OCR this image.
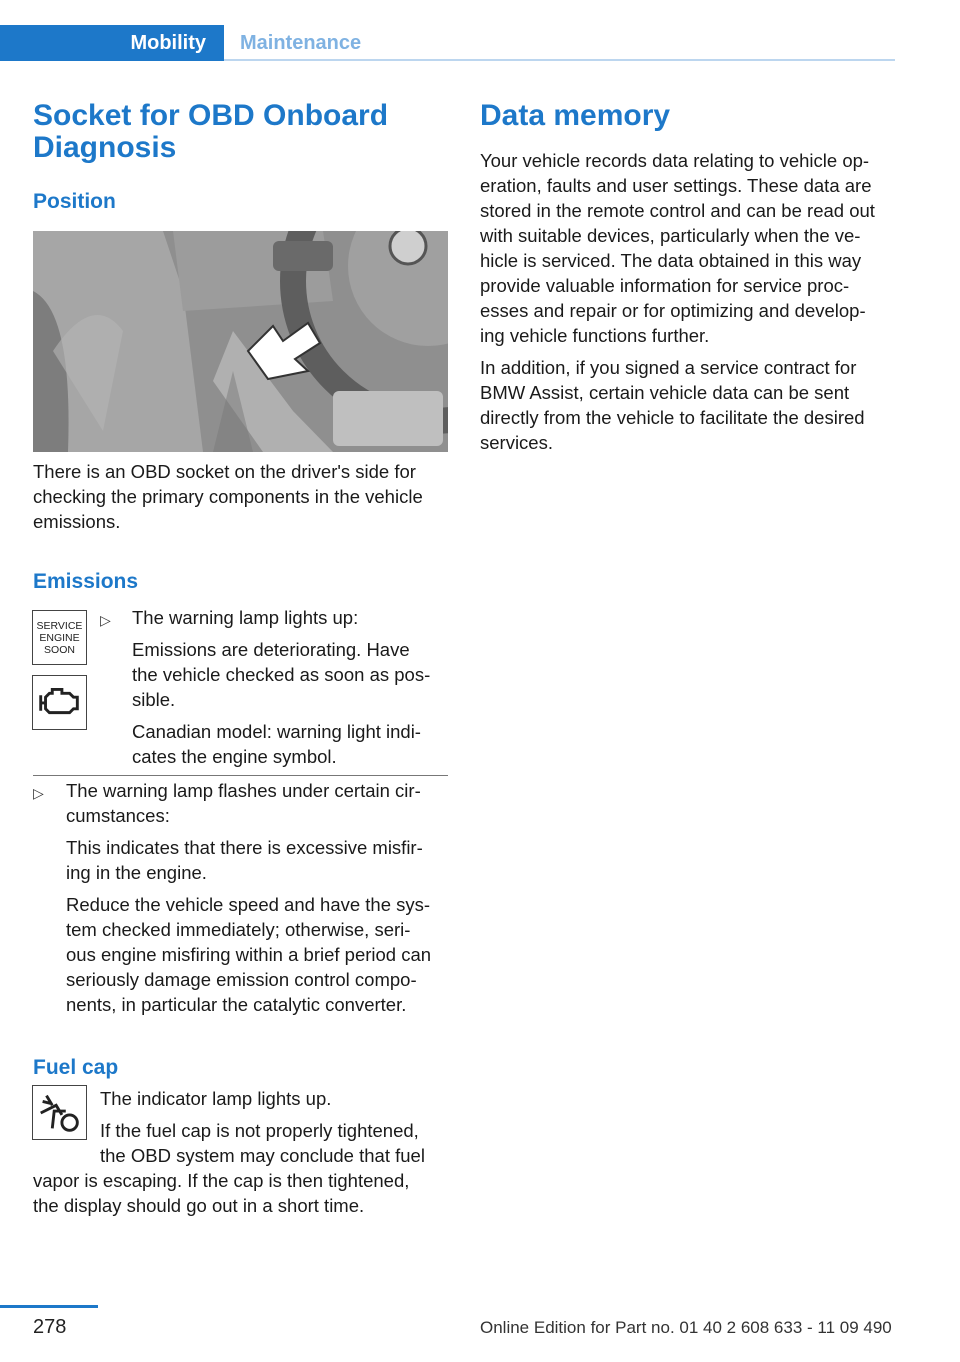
Mobility	Maintenance
Socket for OBD Onboard
Diagnosis
Position

There is an OBD socket on the driver's side for

checking the primary components in the vehicle

emissions.

Emissions
SERVICE
ENGINE
SOON
▷ The warning lamp lights up:

Emissions are deteriorating. Have

the vehicle checked as soon as pos-

sible.

Canadian model: warning light indi-

cates the engine symbol.

▷ The warning lamp flashes under certain cir-

cumstances:

This indicates that there is excessive misfir-

ing in the engine.

Reduce the vehicle speed and have the sys-

tem checked immediately; otherwise, seri-

ous engine misfiring within a brief period can

seriously damage emission control compo-

nents, in particular the catalytic converter.

Fuel cap

The indicator lamp lights up.

If the fuel cap is not properly tightened,

the OBD system may conclude that fuel

vapor is escaping. If the cap is then tightened,

the display should go out in a short time.

Data memory

Your vehicle records data relating to vehicle op-

eration, faults and user settings. These data are

stored in the remote control and can be read out

with suitable devices, particularly when the ve-

hicle is serviced. The data obtained in this way

provide valuable information for service proc-

esses and repair or for optimizing and develop-

ing vehicle functions further.

In addition, if you signed a service contract for

BMW Assist, certain vehicle data can be sent

directly from the vehicle to facilitate the desired

services.

278	Online Edition for Part no. 01 40 2 608 633 - 11 09 490
